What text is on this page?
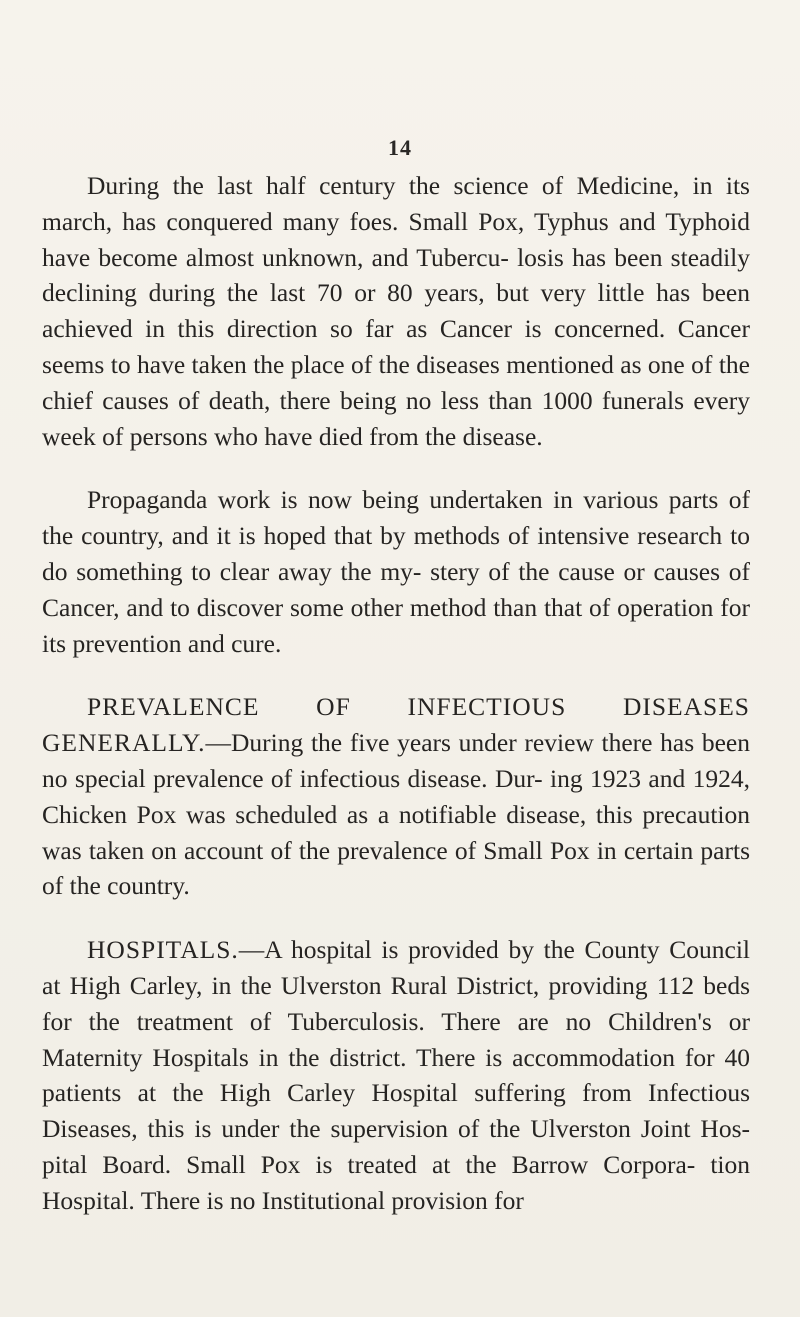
14

During the last half century the science of Medicine, in its march, has conquered many foes. Small Pox, Typhus and Typhoid have become almost unknown, and Tubercu- losis has been steadily declining during the last 70 or 80 years, but very little has been achieved in this direction so far as Cancer is concerned. Cancer seems to have taken the place of the diseases mentioned as one of the chief causes of death, there being no less than 1000 funerals every week of persons who have died from the disease.

Propaganda work is now being undertaken in various parts of the country, and it is hoped that by methods of intensive research to do something to clear away the my- stery of the cause or causes of Cancer, and to discover some other method than that of operation for its prevention and cure.

PREVALENCE OF INFECTIOUS DISEASES GENERALLY.—During the five years under review there has been no special prevalence of infectious disease. Dur- ing 1923 and 1924, Chicken Pox was scheduled as a notifiable disease, this precaution was taken on account of the prevalence of Small Pox in certain parts of the country.

HOSPITALS.—A hospital is provided by the County Council at High Carley, in the Ulverston Rural District, providing 112 beds for the treatment of Tuberculosis. There are no Children's or Maternity Hospitals in the district. There is accommodation for 40 patients at the High Carley Hospital suffering from Infectious Diseases, this is under the supervision of the Ulverston Joint Hos- pital Board. Small Pox is treated at the Barrow Corpora- tion Hospital. There is no Institutional provision for
